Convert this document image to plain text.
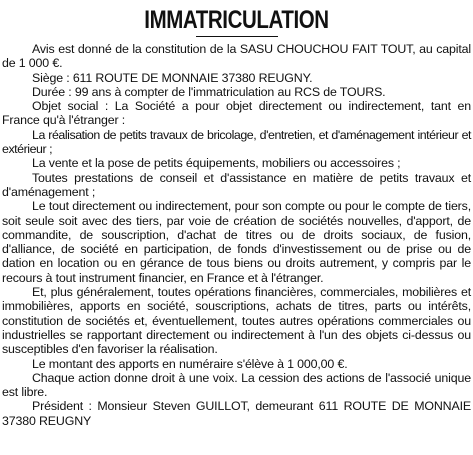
IMMATRICULATION

Avis est donné de la constitution de la SASU CHOUCHOU FAIT TOUT, au capital de 1 000 €.

Siège : 611 ROUTE DE MONNAIE 37380 REUGNY.

Durée : 99 ans à compter de l'immatriculation au RCS de TOURS.

Objet social : La Société a pour objet directement ou indirectement, tant en France qu'à l'étranger :

La réalisation de petits travaux de bricolage, d'entretien, et d'aménagement intérieur et extérieur ;

La vente et la pose de petits équipements, mobiliers ou accessoires ;

Toutes prestations de conseil et d'assistance en matière de petits travaux et d'aménagement ;

Le tout directement ou indirectement, pour son compte ou pour le compte de tiers, soit seule soit avec des tiers, par voie de création de sociétés nouvelles, d'apport, de commandite, de souscription, d'achat de titres ou de droits sociaux, de fusion, d'alliance, de société en participation, de fonds d'investissement ou de prise ou de dation en location ou en gérance de tous biens ou droits autrement, y compris par le recours à tout instrument financier, en France et à l'étranger.

Et, plus généralement, toutes opérations financières, commerciales, mobilières et immobilières, apports en société, souscriptions, achats de titres, parts ou intérêts, constitution de sociétés et, éventuellement, toutes autres opérations commerciales ou industrielles se rapportant directement ou indirectement à l'un des objets ci-dessus ou susceptibles d'en favoriser la réalisation.

Le montant des apports en numéraire s'élève à 1 000,00 €.

Chaque action donne droit à une voix. La cession des actions de l'associé unique est libre.

Président : Monsieur Steven GUILLOT, demeurant 611 ROUTE DE MONNAIE 37380 REUGNY
